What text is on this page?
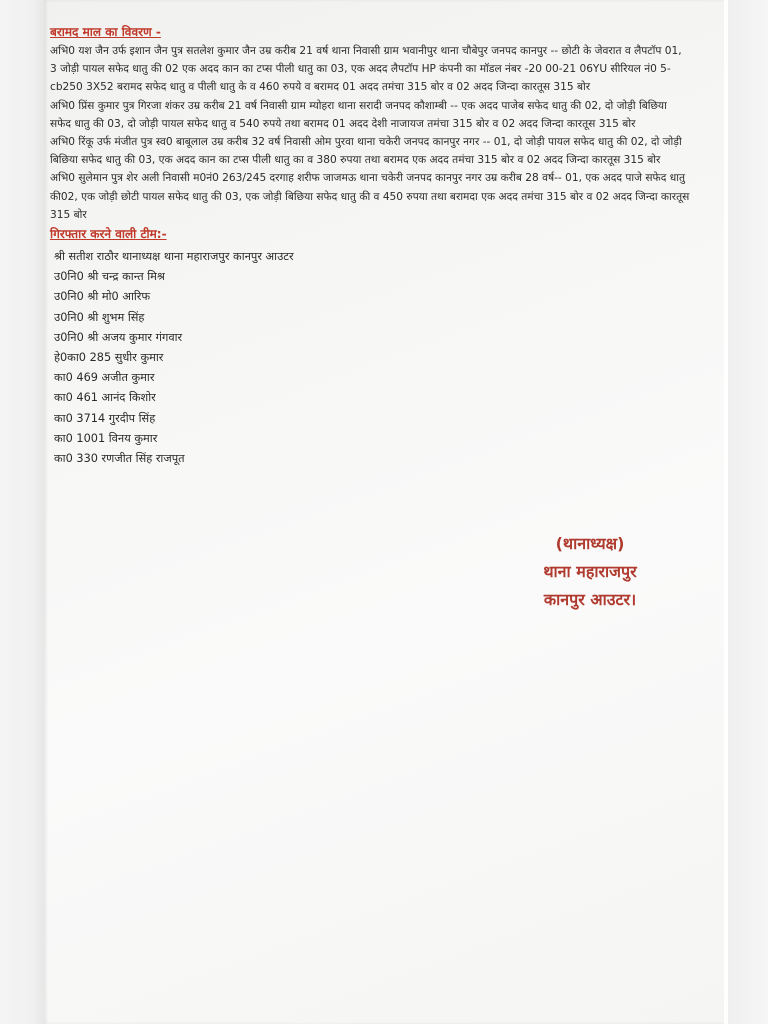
बरामद माल का विवरण -

अभि0 यश जैन उर्फ इशान जैन पुत्र सतलेश कुमार जैन उम्र करीब 21 वर्ष थाना निवासी ग्राम भवानीपुर थाना चौबेपुर जनपद कानपुर -- छोटी के जेवरात व लैपटॉप 01, 3 जोड़ी पायल सफेद धातु की 02 एक अदद कान का टप्स पीली धातु का 03, एक अदद लैपटॉप HP कंपनी का मॉडल नंबर -20 00-21 06YU सीरियल नं0 5- cb250 3X52 बरामद सफेद धातु व पीली धातु के व 460 रुपये व बरामद 01 अदद तमंचा 315 बोर व 02 अदद जिन्दा कारतूस 315 बोर

अभि0 प्रिंस कुमार पुत्र गिरजा शंकर उम्र करीब 21 वर्ष निवासी ग्राम म्योहरा थाना सरादी जनपद कौशाम्बी -- एक अदद पाजेब सफेद धातु की 02, दो जोड़ी बिछिया सफेद धातु की 03, दो जोड़ी पायल सफेद धातु व 540 रुपये तथा बरामद 01 अदद देशी नाजायज तमंचा 315 बोर व 02 अदद जिन्दा कारतूस 315 बोर

अभि0 रिंकू उर्फ मंजीत पुत्र स्व0 बाबूलाल उम्र करीब 32 वर्ष निवासी ओम पुरवा थाना चकेरी जनपद कानपुर नगर -- 01, दो जोड़ी पायल सफेद धातु की 02, दो जोड़ी बिछिया सफेद धातु की 03, एक अदद कान का टप्स पीली धातु का व 380 रुपया तथा बरामद एक अदद तमंचा 315 बोर व 02 अदद जिन्दा कारतूस 315 बोर

अभि0 सुलेमान पुत्र शेर अली निवासी म0नं0 263/245 दरगाह शरीफ जाजमऊ थाना चकेरी जनपद कानपुर नगर उम्र करीब 28 वर्ष-- 01, एक अदद पाजे सफेद धातु की02, एक जोड़ी छोटी पायल सफेद धातु की 03, एक जोड़ी बिछिया सफेद धातु की व 450 रुपया तथा बरामदा एक अदद तमंचा 315 बोर व 02 अदद जिन्दा कारतूस 315 बोर

गिरफ्तार करने वाली टीम:-
श्री सतीश राठौर थानाध्यक्ष थाना महाराजपुर कानपुर आउटर
उ0नि0 श्री चन्द्र कान्त मिश्र
उ0नि0 श्री मो0 आरिफ
उ0नि0 श्री शुभम सिंह
उ0नि0 श्री अजय कुमार गंगवार
हे0का0 285 सुधीर कुमार
का0 469 अजीत कुमार
का0 461 आनंद किशोर
का0 3714 गुरदीप सिंह
का0 1001 विनय कुमार
का0 330 रणजीत सिंह राजपूत
(थानाध्यक्ष)
थाना महाराजपुर
कानपुर आउटर।
